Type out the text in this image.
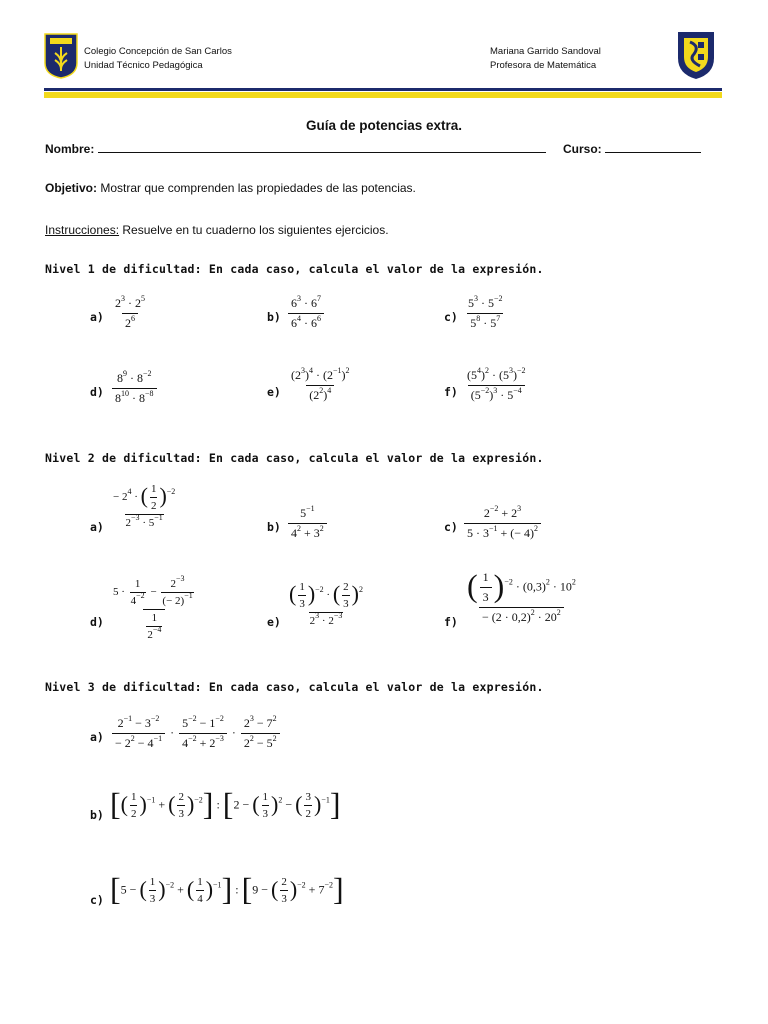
Colegio Concepción de San Carlos
Unidad Técnico Pedagógica
Mariana Garrido Sandoval
Profesora de Matemática
Guía de potencias extra.
Nombre:	Curso:
Objetivo: Mostrar que comprenden las propiedades de las potencias.
Instrucciones: Resuelve en tu cuaderno los siguientes ejercicios.
Nivel 1 de dificultad: En cada caso, calcula el valor de la expresión.
$a) \frac{2^3 \cdot 2^5}{2^6}$	$b) \frac{6^3 \cdot 6^7}{6^4 \cdot 6^6}$	$c) \frac{5^3 \cdot 5^{-2}}{5^8 \cdot 5^7}$
$d) \frac{8^9 \cdot 8^{-2}}{8^{10} \cdot 8^{-8}}$	$e) \frac{(2^3)^4 \cdot (2^{-1})^2}{(2^2)^4}$	$f) \frac{(5^4)^2 \cdot (5^3)^{-2}}{(5^{-2})^3 \cdot 5^{-4}}$
Nivel 2 de dificultad: En cada caso, calcula el valor de la expresión.
$a) \frac{- 2^4 \cdot ( \frac{1}{2} )^{-2}}{2^{-3} \cdot 5^{-1}}$	$b) \frac{5^{-1}}{4^2 + 3^2}$	$c) \frac{2^{-2} + 2^3}{5 \cdot 3^{-1} + (- 4)^2}$
$d) \frac{5 \cdot \frac{1}{4^{-2}} - \frac{2^{-3}}{(- 2)^{-1}}}{\frac{1}{2^{-4}}}$	$e) \frac{( \frac{1}{3} )^{-2} \cdot ( \frac{2}{3} )^2}{2^3 \cdot 2^{-3}}$	$f) \frac{( \frac{1}{3} )^{-2} \cdot (0,3)^2 \cdot 10^2}{- (2 \cdot 0,2)^2 \cdot 20^2}$
Nivel 3 de dificultad: En cada caso, calcula el valor de la expresión.
$a) \frac{2^{-1} - 3^{-2}}{- 2^2 - 4^{-1}} \cdot \frac{5^{-2} - 1^{-2}}{4^{-2} + 2^{-3}} \cdot \frac{2^3 - 7^2}{2^2 - 5^2}$
b) [( $\frac{1}{2} )^{-1}$ + ( $\frac{2}{3} )^{-2}$] : [2 − ( $\frac{1}{3} )^2$ − ( $\frac{3}{2} )^{-1}$]
c) [5 − ( $\frac{1}{3} )^{-2}$ + ( $\frac{1}{4} )^{-1}$] : [9 − ( $\frac{2}{3} )^{-2} + 7^{-2}$]
